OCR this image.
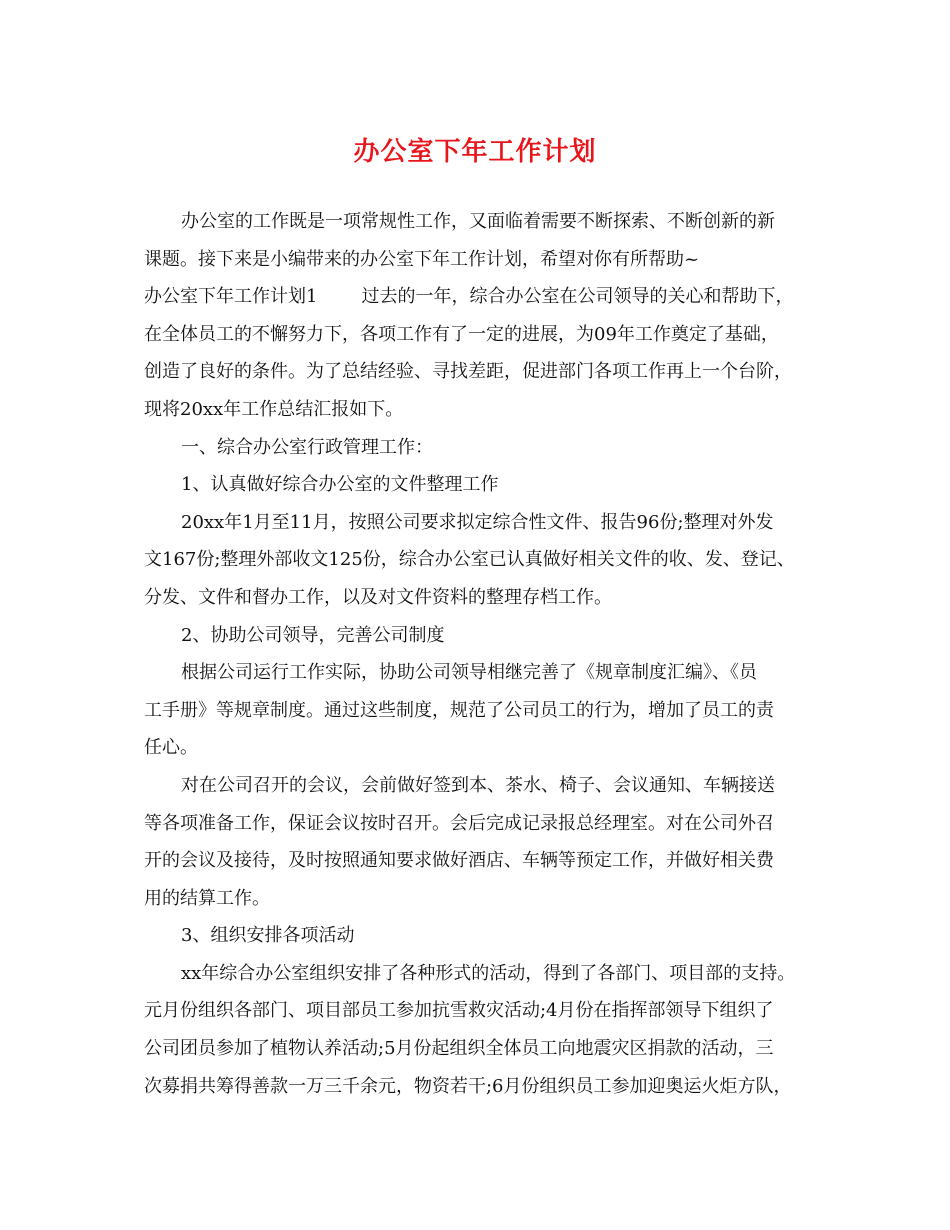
办公室下年工作计划
办公室的工作既是一项常规性工作，又面临着需要不断探索、不断创新的新
课题。接下来是小编带来的办公室下年工作计划，希望对你有所帮助~
办公室下年工作计划1 过去的一年，综合办公室在公司领导的关心和帮助下，
在全体员工的不懈努力下，各项工作有了一定的进展，为09年工作奠定了基础，
创造了良好的条件。为了总结经验、寻找差距，促进部门各项工作再上一个台阶，
现将20xx年工作总结汇报如下。
一、综合办公室行政管理工作：
1、认真做好综合办公室的文件整理工作
20xx年1月至11月，按照公司要求拟定综合性文件、报告96份;整理对外发
文167份;整理外部收文125份，综合办公室已认真做好相关文件的收、发、登记、
分发、文件和督办工作，以及对文件资料的整理存档工作。
2、协助公司领导，完善公司制度
根据公司运行工作实际，协助公司领导相继完善了《规章制度汇编》、《员
工手册》等规章制度。通过这些制度，规范了公司员工的行为，增加了员工的责
任心。
对在公司召开的会议，会前做好签到本、茶水、椅子、会议通知、车辆接送
等各项准备工作，保证会议按时召开。会后完成记录报总经理室。对在公司外召
开的会议及接待，及时按照通知要求做好酒店、车辆等预定工作，并做好相关费
用的结算工作。
3、组织安排各项活动
xx年综合办公室组织安排了各种形式的活动，得到了各部门、项目部的支持。
元月份组织各部门、项目部员工参加抗雪救灾活动;4月份在指挥部领导下组织了
公司团员参加了植物认养活动;5月份起组织全体员工向地震灾区捐款的活动，三
次募捐共筹得善款一万三千余元，物资若干;6月份组织员工参加迎奥运火炬方队，
